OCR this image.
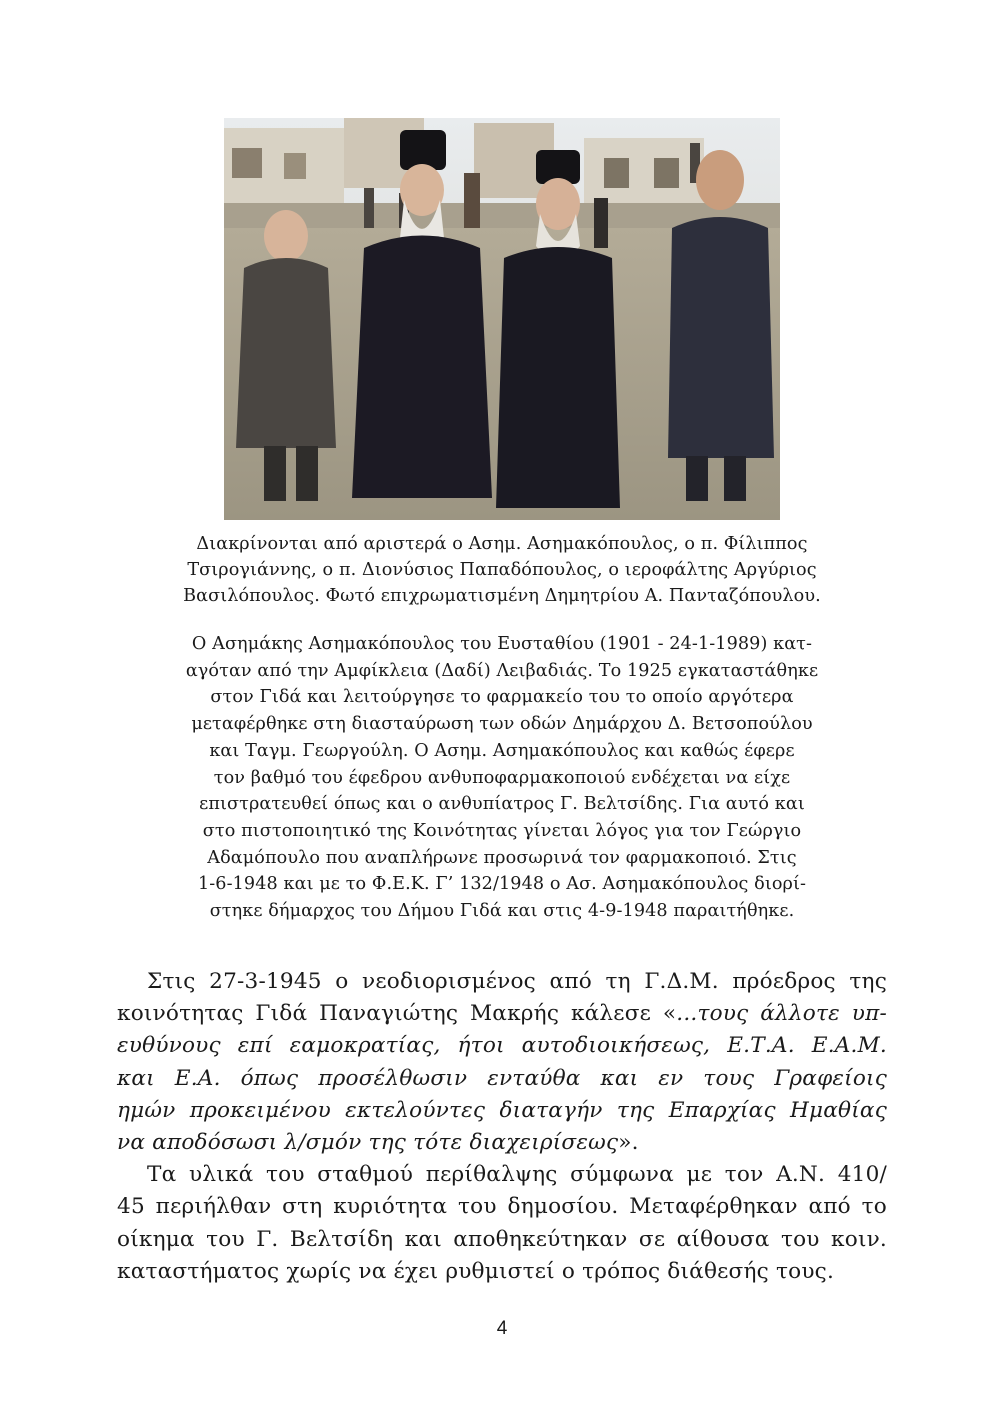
Διακρίνονται από αριστερά ο Ασημ. Ασημακόπουλος, ο π. Φίλιππος
Τσιρογιάννης, ο π. Διονύσιος Παπαδόπουλος, ο ιεροφάλτης Αργύριος
Βασιλόπουλος. Φωτό επιχρωματισμένη Δημητρίου Α. Πανταζόπουλου.
Ο Ασημάκης Ασημακόπουλος του Ευσταθίου (1901 - 24-1-1989) κατ-
αγόταν από την Αμφίκλεια (Δαδί) Λειβαδιάς. Το 1925 εγκαταστάθηκε
στον Γιδά και λειτούργησε το φαρμακείο του το οποίο αργότερα
μεταφέρθηκε στη διασταύρωση των οδών Δημάρχου Δ. Βετσοπούλου
και Ταγμ. Γεωργούλη. Ο Ασημ. Ασημακόπουλος και καθώς έφερε
τον βαθμό του έφεδρου ανθυποφαρμακοποιού ενδέχεται να είχε
επιστρατευθεί όπως και ο ανθυπίατρος Γ. Βελτσίδης. Για αυτό και
στο πιστοποιητικό της Κοινότητας γίνεται λόγος για τον Γεώργιο
Αδαμόπουλο που αναπλήρωνε προσωρινά τον φαρμακοποιό. Στις
1-6-1948 και με το Φ.Ε.Κ. Γ’ 132/1948 ο Ασ. Ασημακόπουλος διορί-
στηκε δήμαρχος του Δήμου Γιδά και στις 4-9-1948 παραιτήθηκε.
Στις 27-3-1945 ο νεοδιορισμένος από τη Γ.Δ.Μ. πρόεδρος της
κοινότητας Γιδά Παναγιώτης Μακρής κάλεσε «...τους άλλοτε υπ-
ευθύνους επί εαμοκρατίας, ήτοι αυτοδιοικήσεως, Ε.Τ.Α. Ε.Α.Μ.
και Ε.Α. όπως προσέλθωσιν ενταύθα και εν τους Γραφείοις
ημών προκειμένου εκτελούντες διαταγήν της Επαρχίας Ημαθίας
να αποδόσωσι λ/σμόν της τότε διαχειρίσεως».
Τα υλικά του σταθμού περίθαλψης σύμφωνα με τον Α.Ν. 410/
45 περιήλθαν στη κυριότητα του δημοσίου. Μεταφέρθηκαν από το
οίκημα του Γ. Βελτσίδη και αποθηκεύτηκαν σε αίθουσα του κοιν.
καταστήματος χωρίς να έχει ρυθμιστεί ο τρόπος διάθεσής τους.
4
